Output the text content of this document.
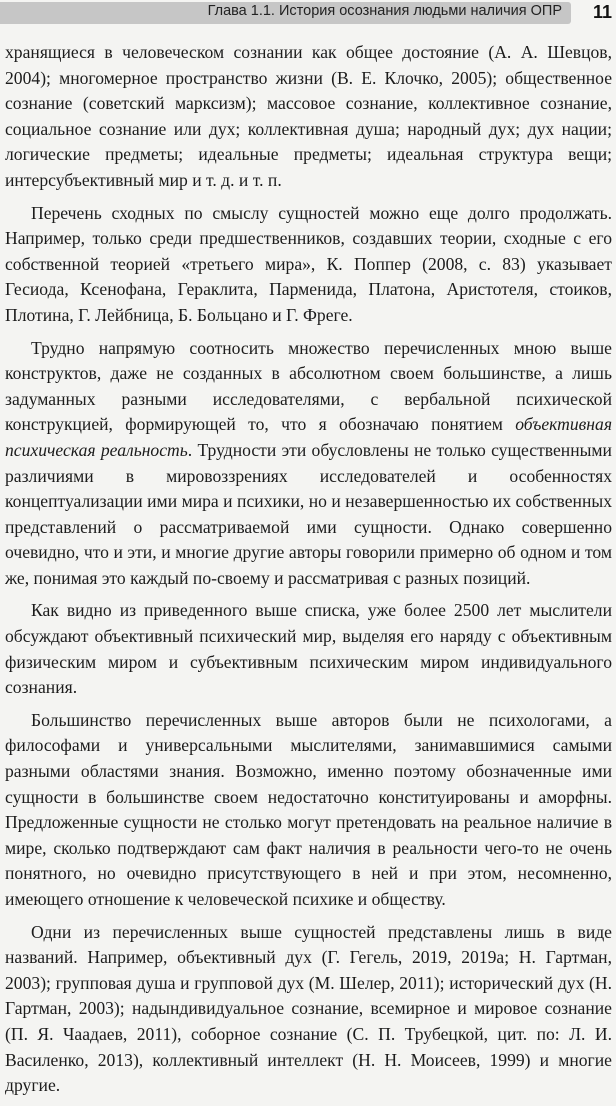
Глава 1.1. История осознания людьми наличия ОПР 11

хранящиеся в человеческом сознании как общее достояние (А. А. Шевцов, 2004); многомерное пространство жизни (В. Е. Клочко, 2005); общественное сознание (советский марксизм); массовое сознание, коллективное сознание, социальное сознание или дух; коллективная душа; народный дух; дух нации; логические предметы; идеальные предметы; идеальная структура вещи; интерсубъективный мир и т. д. и т. п.

Перечень сходных по смыслу сущностей можно еще долго продолжать. Например, только среди предшественников, создавших теории, сходные с его собственной теорией «третьего мира», К. Поппер (2008, с. 83) указывает Гесиода, Ксенофана, Гераклита, Парменида, Платона, Аристотеля, стоиков, Плотина, Г. Лейбница, Б. Больцано и Г. Фреге.

Трудно напрямую соотносить множество перечисленных мною выше конструктов, даже не созданных в абсолютном своем большинстве, а лишь задуманных разными исследователями, с вербальной психической конструкцией, формирующей то, что я обозначаю понятием объективная психическая реальность. Трудности эти обусловлены не только существенными различиями в мировоззрениях исследователей и особенностях концептуализации ими мира и психики, но и незавершенностью их собственных представлений о рассматриваемой ими сущности. Однако совершенно очевидно, что и эти, и многие другие авторы говорили примерно об одном и том же, понимая это каждый по-своему и рассматривая с разных позиций.

Как видно из приведенного выше списка, уже более 2500 лет мыслители обсуждают объективный психический мир, выделяя его наряду с объективным физическим миром и субъективным психическим миром индивидуального сознания.

Большинство перечисленных выше авторов были не психологами, а философами и универсальными мыслителями, занимавшимися самыми разными областями знания. Возможно, именно поэтому обозначенные ими сущности в большинстве своем недостаточно конституированы и аморфны. Предложенные сущности не столько могут претендовать на реальное наличие в мире, сколько подтверждают сам факт наличия в реальности чего-то не очень понятного, но очевидно присутствующего в ней и при этом, несомненно, имеющего отношение к человеческой психике и обществу.

Одни из перечисленных выше сущностей представлены лишь в виде названий. Например, объективный дух (Г. Гегель, 2019, 2019а; Н. Гартман, 2003); групповая душа и групповой дух (М. Шелер, 2011); исторический дух (Н. Гартман, 2003); надындивидуальное сознание, всемирное и мировое сознание (П. Я. Чаадаев, 2011), соборное сознание (С. П. Трубецкой, цит. по: Л. И. Василенко, 2013), коллективный интеллект (Н. Н. Моисеев, 1999) и многие другие.
